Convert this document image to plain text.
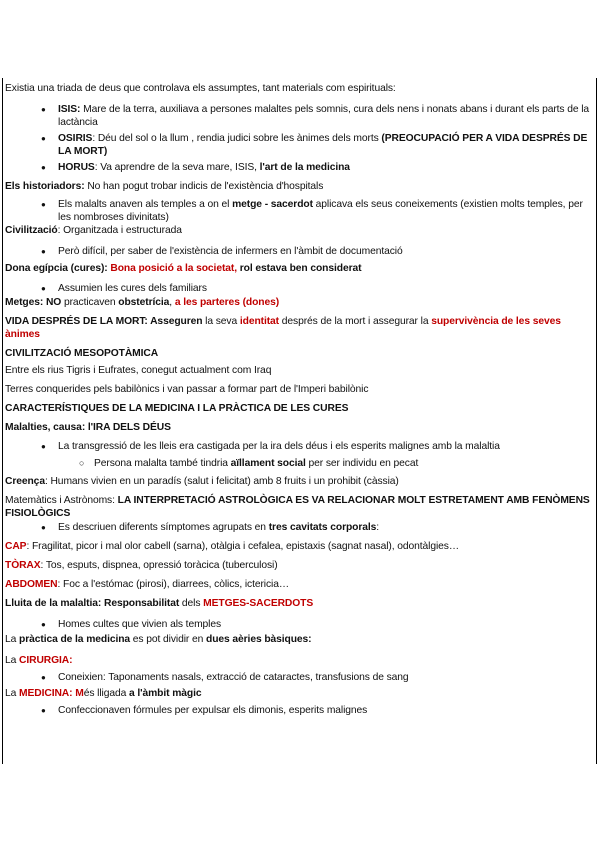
Existia una triada de deus que controlava els assumptes, tant materials com espirituals:

● ISIS: Mare de la terra, auxiliava a persones malaltes pels somnis, cura dels nens i nonats abans i durant els parts de la lactància
● OSIRIS: Déu del sol o la llum , rendia judici sobre les ànimes dels morts (PREOCUPACIÓ PER A VIDA DESPRÉS DE LA MORT)
● HORUS: Va aprendre de la seva mare, ISIS, l'art de la medicina

Els historiadors: No han pogut trobar indicis de l'existència d'hospitals

● Els malalts anaven als temples a on el metge - sacerdot aplicava els seus coneixements (existien molts temples, per les nombroses divinitats)

Civilització: Organitzada i estructurada

● Però difícil, per saber de l'existència de infermers en l'àmbit de documentació

Dona egípcia (cures): Bona posició a la societat, rol estava ben considerat

● Assumien les cures dels familiars

Metges: NO practicaven obstetrícia, a les parteres (dones)

VIDA DESPRÉS DE LA MORT: Asseguren la seva identitat després de la mort i assegurar la supervivència de les seves ànimes

CIVILITZACIÓ MESOPOTÀMICA

Entre els rius Tigris i Eufrates, conegut actualment com Iraq

Terres conquerides pels babilònics i van passar a formar part de l'Imperi babilònic

CARACTERÍSTIQUES DE LA MEDICINA I LA PRÀCTICA DE LES CURES

Malalties, causa: l'IRA DELS DÉUS

● La transgressió de les lleis era castigada per la ira dels déus i els esperits malignes amb la malaltia
○ Persona malalta també tindria aïllament social per ser individu en pecat

Creença: Humans vivien en un paradís (salut i felicitat) amb 8 fruits i un prohibit (càssia)

Matemàtics i Astrònoms: LA INTERPRETACIÓ ASTROLÒGICA ES VA RELACIONAR MOLT ESTRETAMENT AMB FENÒMENS FISIOLÒGICS

● Es descriuen diferents símptomes agrupats en tres cavitats corporals:

CAP: Fragilitat, picor i mal olor cabell (sarna), otàlgia i cefalea, epistaxis (sagnat nasal), odontàlgies…

TÒRAX: Tos, esputs, dispnea, opressió toràcica (tuberculosi)

ABDOMEN: Foc a l'estómac (pirosi), diarrees, còlics, ictericia…

Lluita de la malaltia: Responsabilitat dels METGES-SACERDOTS

● Homes cultes que vivien als temples

La pràctica de la medicina es pot dividir en dues aèries bàsiques:

La CIRURGIA:

● Coneixien: Taponaments nasals, extracció de cataractes, transfusions de sang

La MEDICINA: Més lligada a l'àmbit màgic

● Confeccionaven fórmules per expulsar els dimonis, esperits malignes
